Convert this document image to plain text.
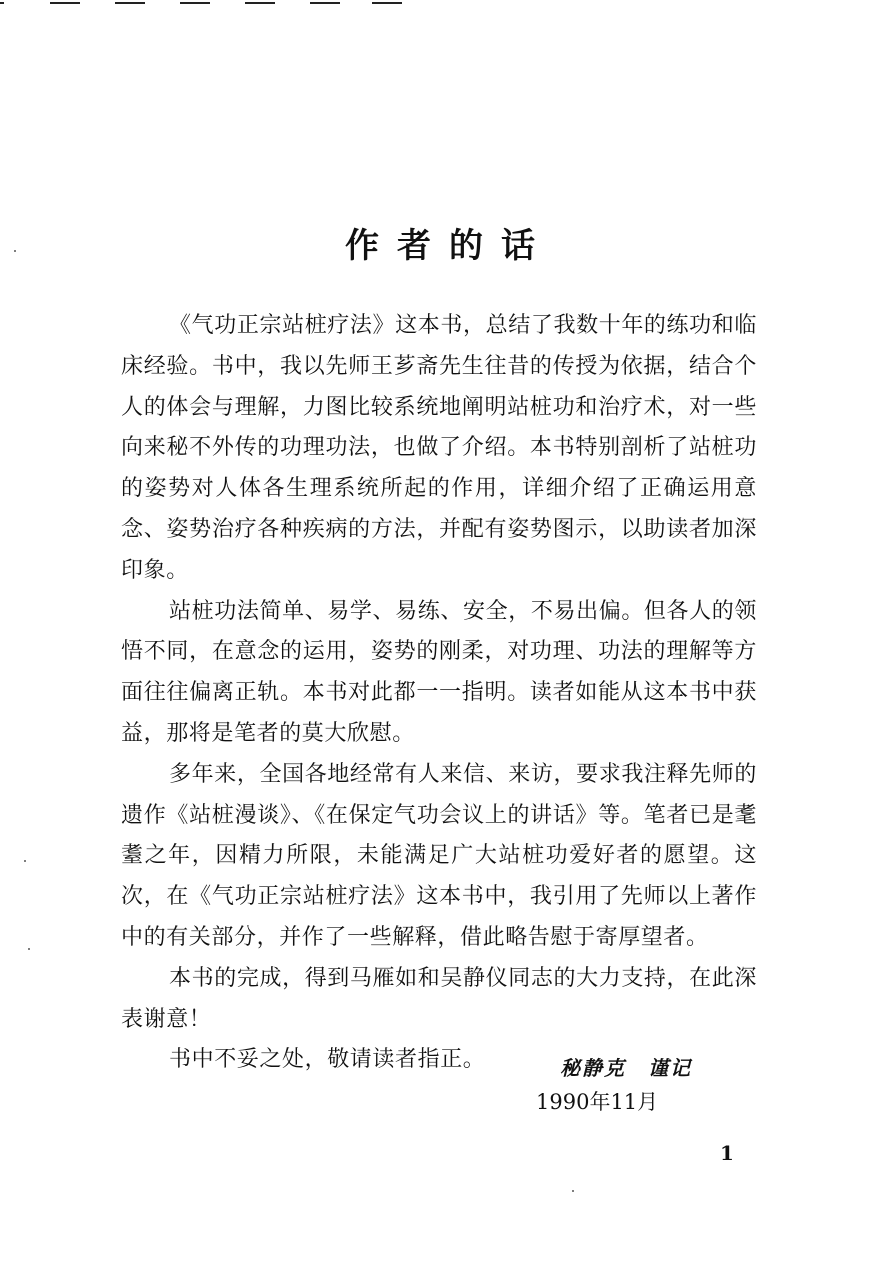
作者的话

《气功正宗站桩疗法》这本书，总结了我数十年的练功和临床经验。书中，我以先师王芗斋先生往昔的传授为依据，结合个人的体会与理解，力图比较系统地阐明站桩功和治疗术，对一些向来秘不外传的功理功法，也做了介绍。本书特别剖析了站桩功的姿势对人体各生理系统所起的作用，详细介绍了正确运用意念、姿势治疗各种疾病的方法，并配有姿势图示，以助读者加深印象。

站桩功法简单、易学、易练、安全，不易出偏。但各人的领悟不同，在意念的运用，姿势的刚柔，对功理、功法的理解等方面往往偏离正轨。本书对此都一一指明。读者如能从这本书中获益，那将是笔者的莫大欣慰。

多年来，全国各地经常有人来信、来访，要求我注释先师的遗作《站桩漫谈》、《在保定气功会议上的讲话》等。笔者已是耄耋之年，因精力所限，未能满足广大站桩功爱好者的愿望。这次，在《气功正宗站桩疗法》这本书中，我引用了先师以上著作中的有关部分，并作了一些解释，借此略告慰于寄厚望者。

本书的完成，得到马雁如和吴静仪同志的大力支持，在此深表谢意！

书中不妥之处，敬请读者指正。	秘静克 谨记
1990年11月
1
